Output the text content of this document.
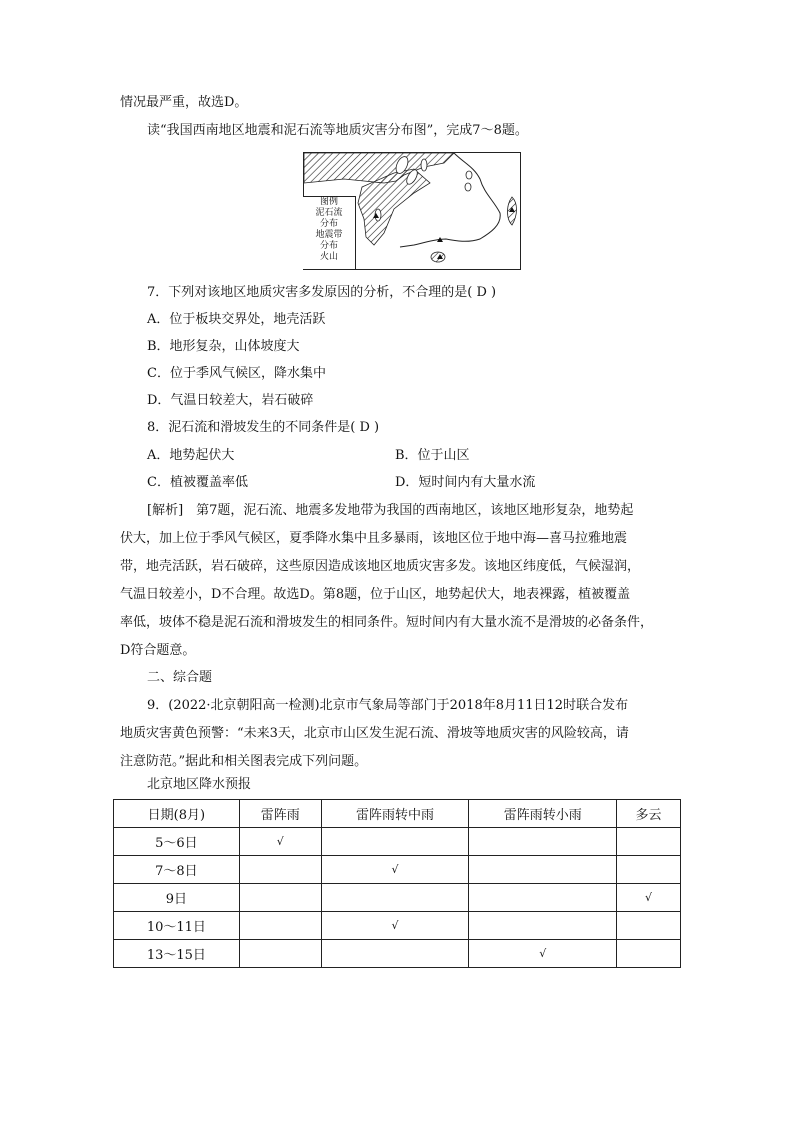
情况最严重，故选D。
读“我国西南地区地震和泥石流等地质灾害分布图”，完成7～8题。
图例
泥石流
分布
地震带
分布
火山
7．下列对该地区地质灾害多发原因的分析，不合理的是( D )
A．位于板块交界处，地壳活跃
B．地形复杂，山体坡度大
C．位于季风气候区，降水集中
D．气温日较差大，岩石破碎
8．泥石流和滑坡发生的不同条件是( D )
A．地势起伏大	B．位于山区
C．植被覆盖率低	D．短时间内有大量水流
[解析]　第7题，泥石流、地震多发地带为我国的西南地区，该地区地形复杂，地势起
伏大，加上位于季风气候区，夏季降水集中且多暴雨，该地区位于地中海—喜马拉雅地震
带，地壳活跃，岩石破碎，这些原因造成该地区地质灾害多发。该地区纬度低，气候湿润，
气温日较差小，D不合理。故选D。第8题，位于山区，地势起伏大，地表裸露，植被覆盖
率低，坡体不稳是泥石流和滑坡发生的相同条件。短时间内有大量水流不是滑坡的必备条件，
D符合题意。
二、综合题
9．(2022·北京朝阳高一检测)北京市气象局等部门于2018年8月11日12时联合发布
地质灾害黄色预警：“未来3天，北京市山区发生泥石流、滑坡等地质灾害的风险较高，请
注意防范。”据此和相关图表完成下列问题。
北京地区降水预报
日期(8月)	雷阵雨	雷阵雨转中雨	雷阵雨转小雨	多云
5～6日	√			
7～8日		√		
9日				√
10～11日		√		
13～15日			√	
